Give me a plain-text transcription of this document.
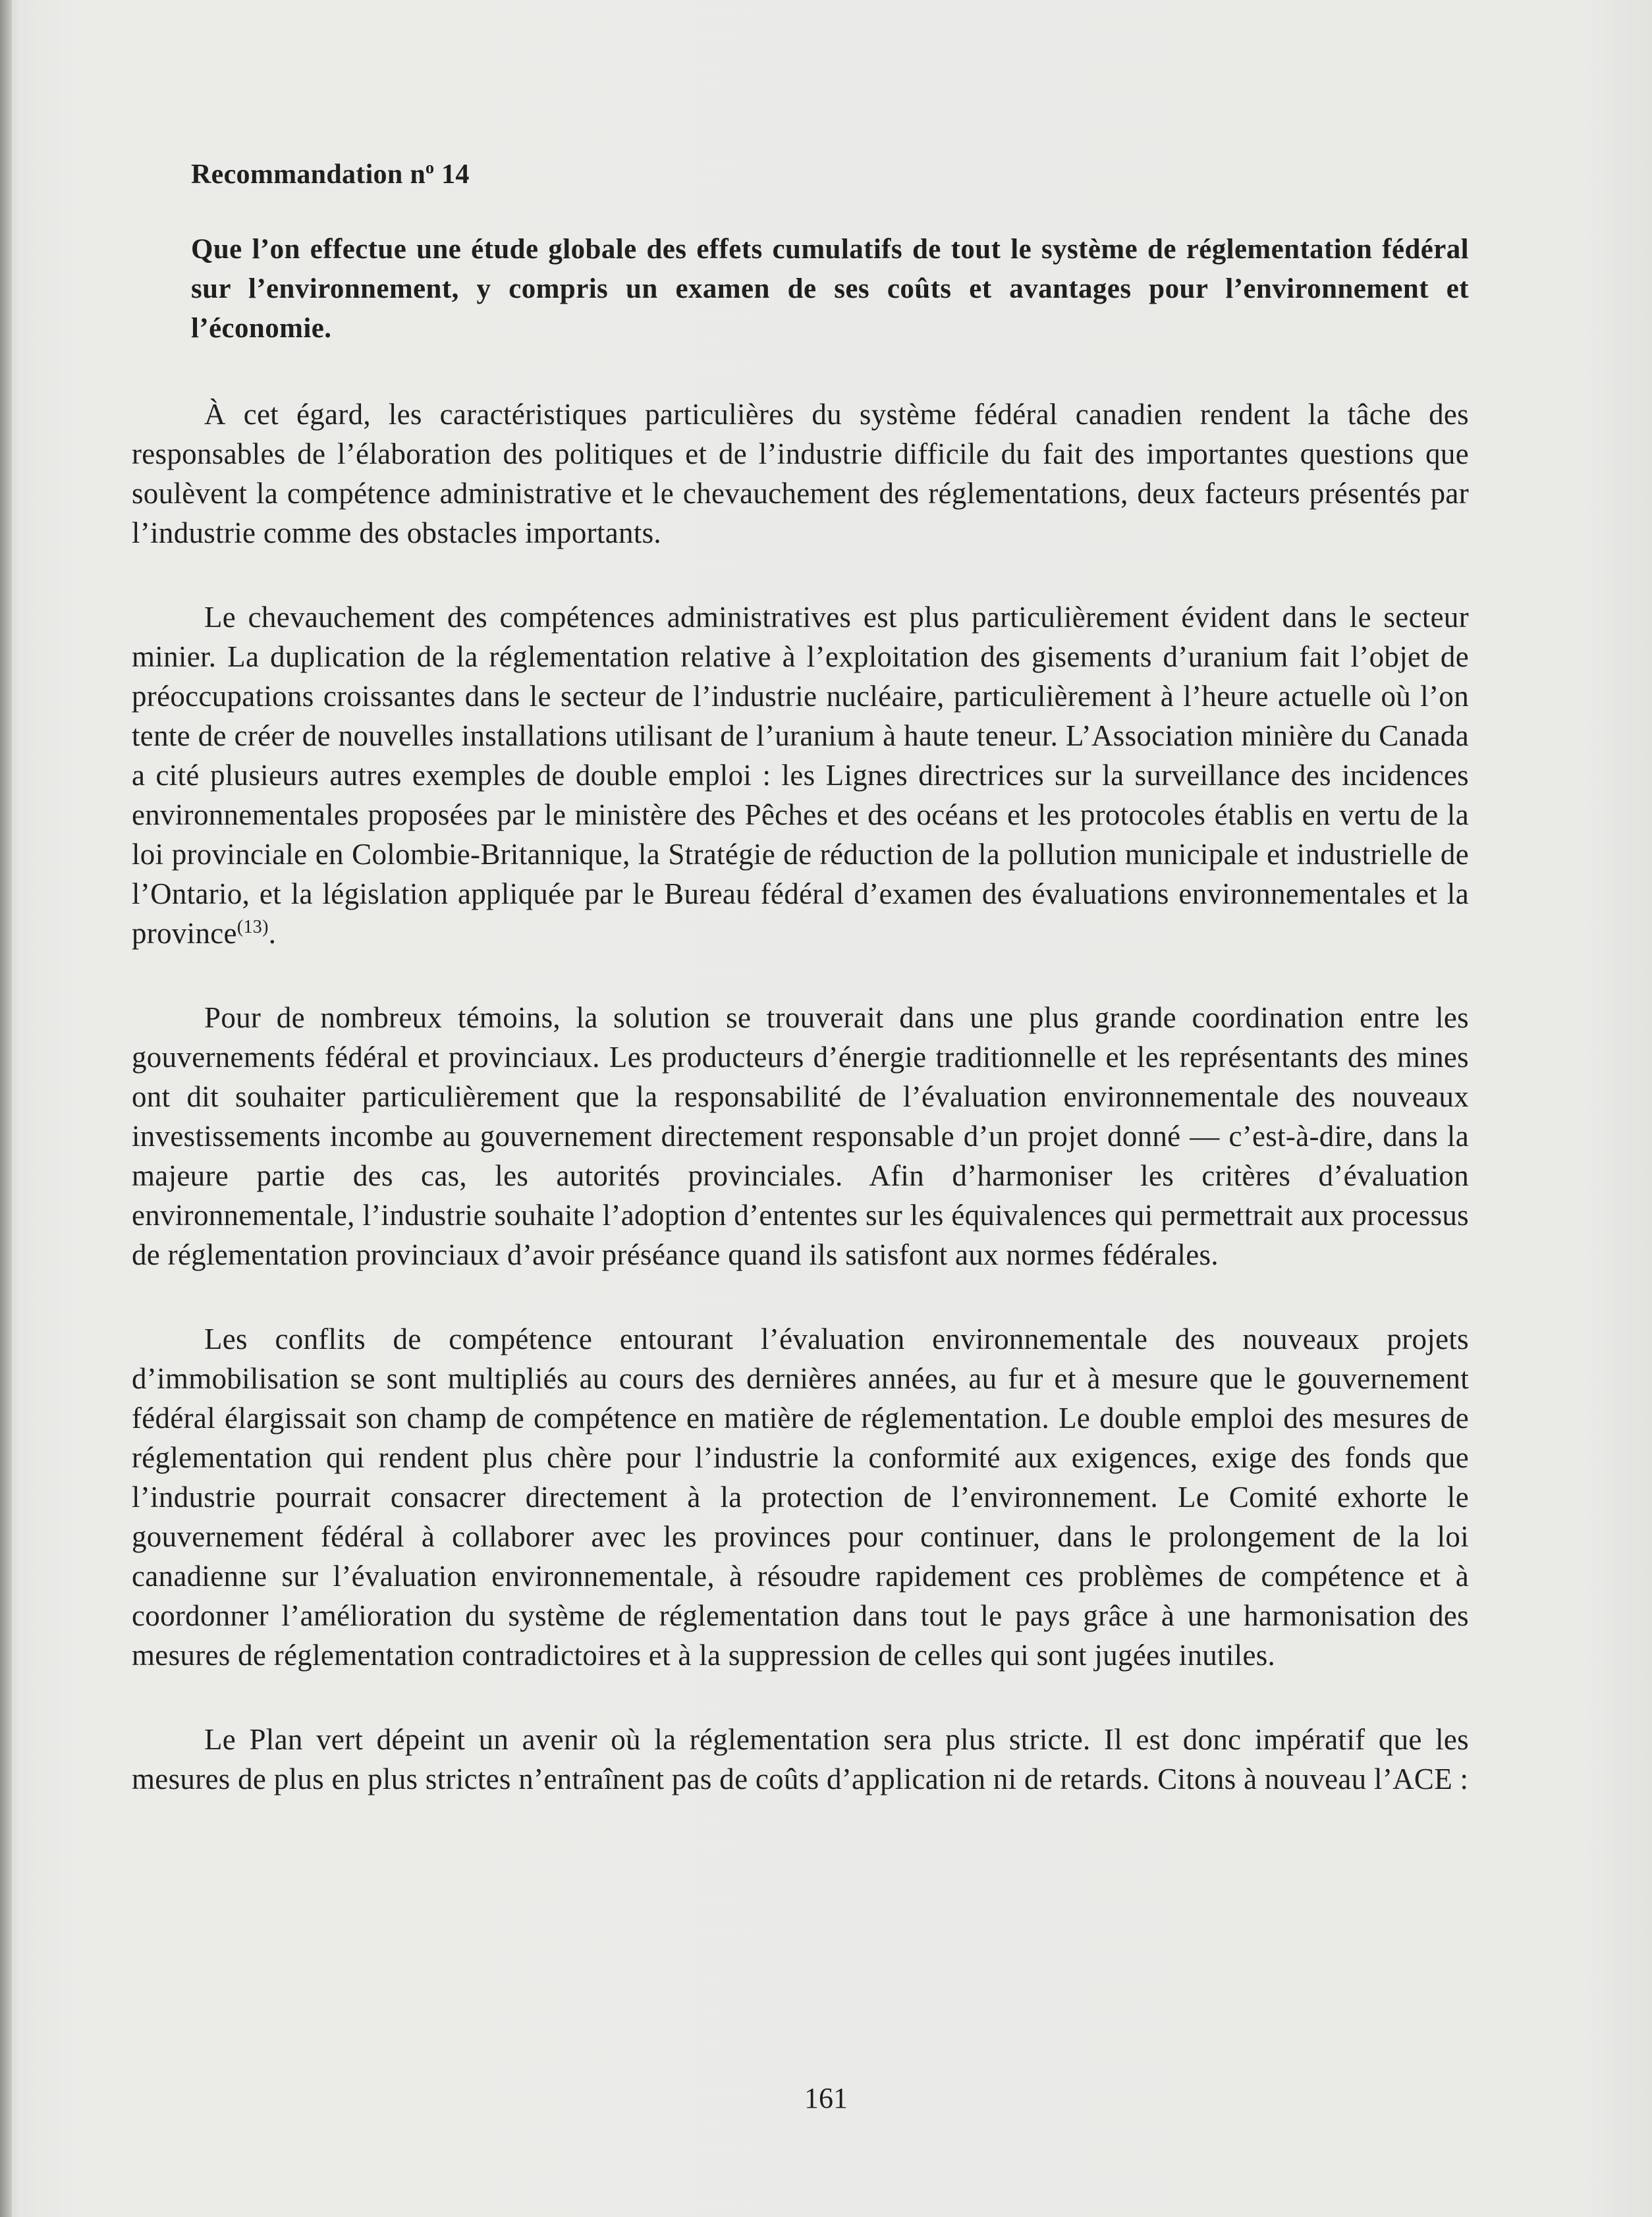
Recommandation $n^o$ 14

Que l’on effectue une étude globale des effets cumulatifs de tout le système de réglementation fédéral sur l’environnement, y compris un examen de ses coûts et avantages pour l’environnement et l’économie.

À cet égard, les caractéristiques particulières du système fédéral canadien rendent la tâche des responsables de l’élaboration des politiques et de l’industrie difficile du fait des importantes questions que soulèvent la compétence administrative et le chevauchement des réglementations, deux facteurs présentés par l’industrie comme des obstacles importants.

Le chevauchement des compétences administratives est plus particulièrement évident dans le secteur minier. La duplication de la réglementation relative à l’exploitation des gisements d’uranium fait l’objet de préoccupations croissantes dans le secteur de l’industrie nucléaire, particulièrement à l’heure actuelle où l’on tente de créer de nouvelles installations utilisant de l’uranium à haute teneur. L’Association minière du Canada a cité plusieurs autres exemples de double emploi : les Lignes directrices sur la surveillance des incidences environnementales proposées par le ministère des Pêches et des océans et les protocoles établis en vertu de la loi provinciale en Colombie-Britannique, la Stratégie de réduction de la pollution municipale et industrielle de l’Ontario, et la législation appliquée par le Bureau fédéral d’examen des évaluations environnementales et la province$^{(13)}$.

Pour de nombreux témoins, la solution se trouverait dans une plus grande coordination entre les gouvernements fédéral et provinciaux. Les producteurs d’énergie traditionnelle et les représentants des mines ont dit souhaiter particulièrement que la responsabilité de l’évaluation environnementale des nouveaux investissements incombe au gouvernement directement responsable d’un projet donné — c’est-à-dire, dans la majeure partie des cas, les autorités provinciales. Afin d’harmoniser les critères d’évaluation environnementale, l’industrie souhaite l’adoption d’ententes sur les équivalences qui permettrait aux processus de réglementation provinciaux d’avoir préséance quand ils satisfont aux normes fédérales.

Les conflits de compétence entourant l’évaluation environnementale des nouveaux projets d’immobilisation se sont multipliés au cours des dernières années, au fur et à mesure que le gouvernement fédéral élargissait son champ de compétence en matière de réglementation. Le double emploi des mesures de réglementation qui rendent plus chère pour l’industrie la conformité aux exigences, exige des fonds que l’industrie pourrait consacrer directement à la protection de l’environnement. Le Comité exhorte le gouvernement fédéral à collaborer avec les provinces pour continuer, dans le prolongement de la loi canadienne sur l’évaluation environnementale, à résoudre rapidement ces problèmes de compétence et à coordonner l’amélioration du système de réglementation dans tout le pays grâce à une harmonisation des mesures de réglementation contradictoires et à la suppression de celles qui sont jugées inutiles.

Le Plan vert dépeint un avenir où la réglementation sera plus stricte. Il est donc impératif que les mesures de plus en plus strictes n’entraînent pas de coûts d’application ni de retards. Citons à nouveau l’ACE :

161
